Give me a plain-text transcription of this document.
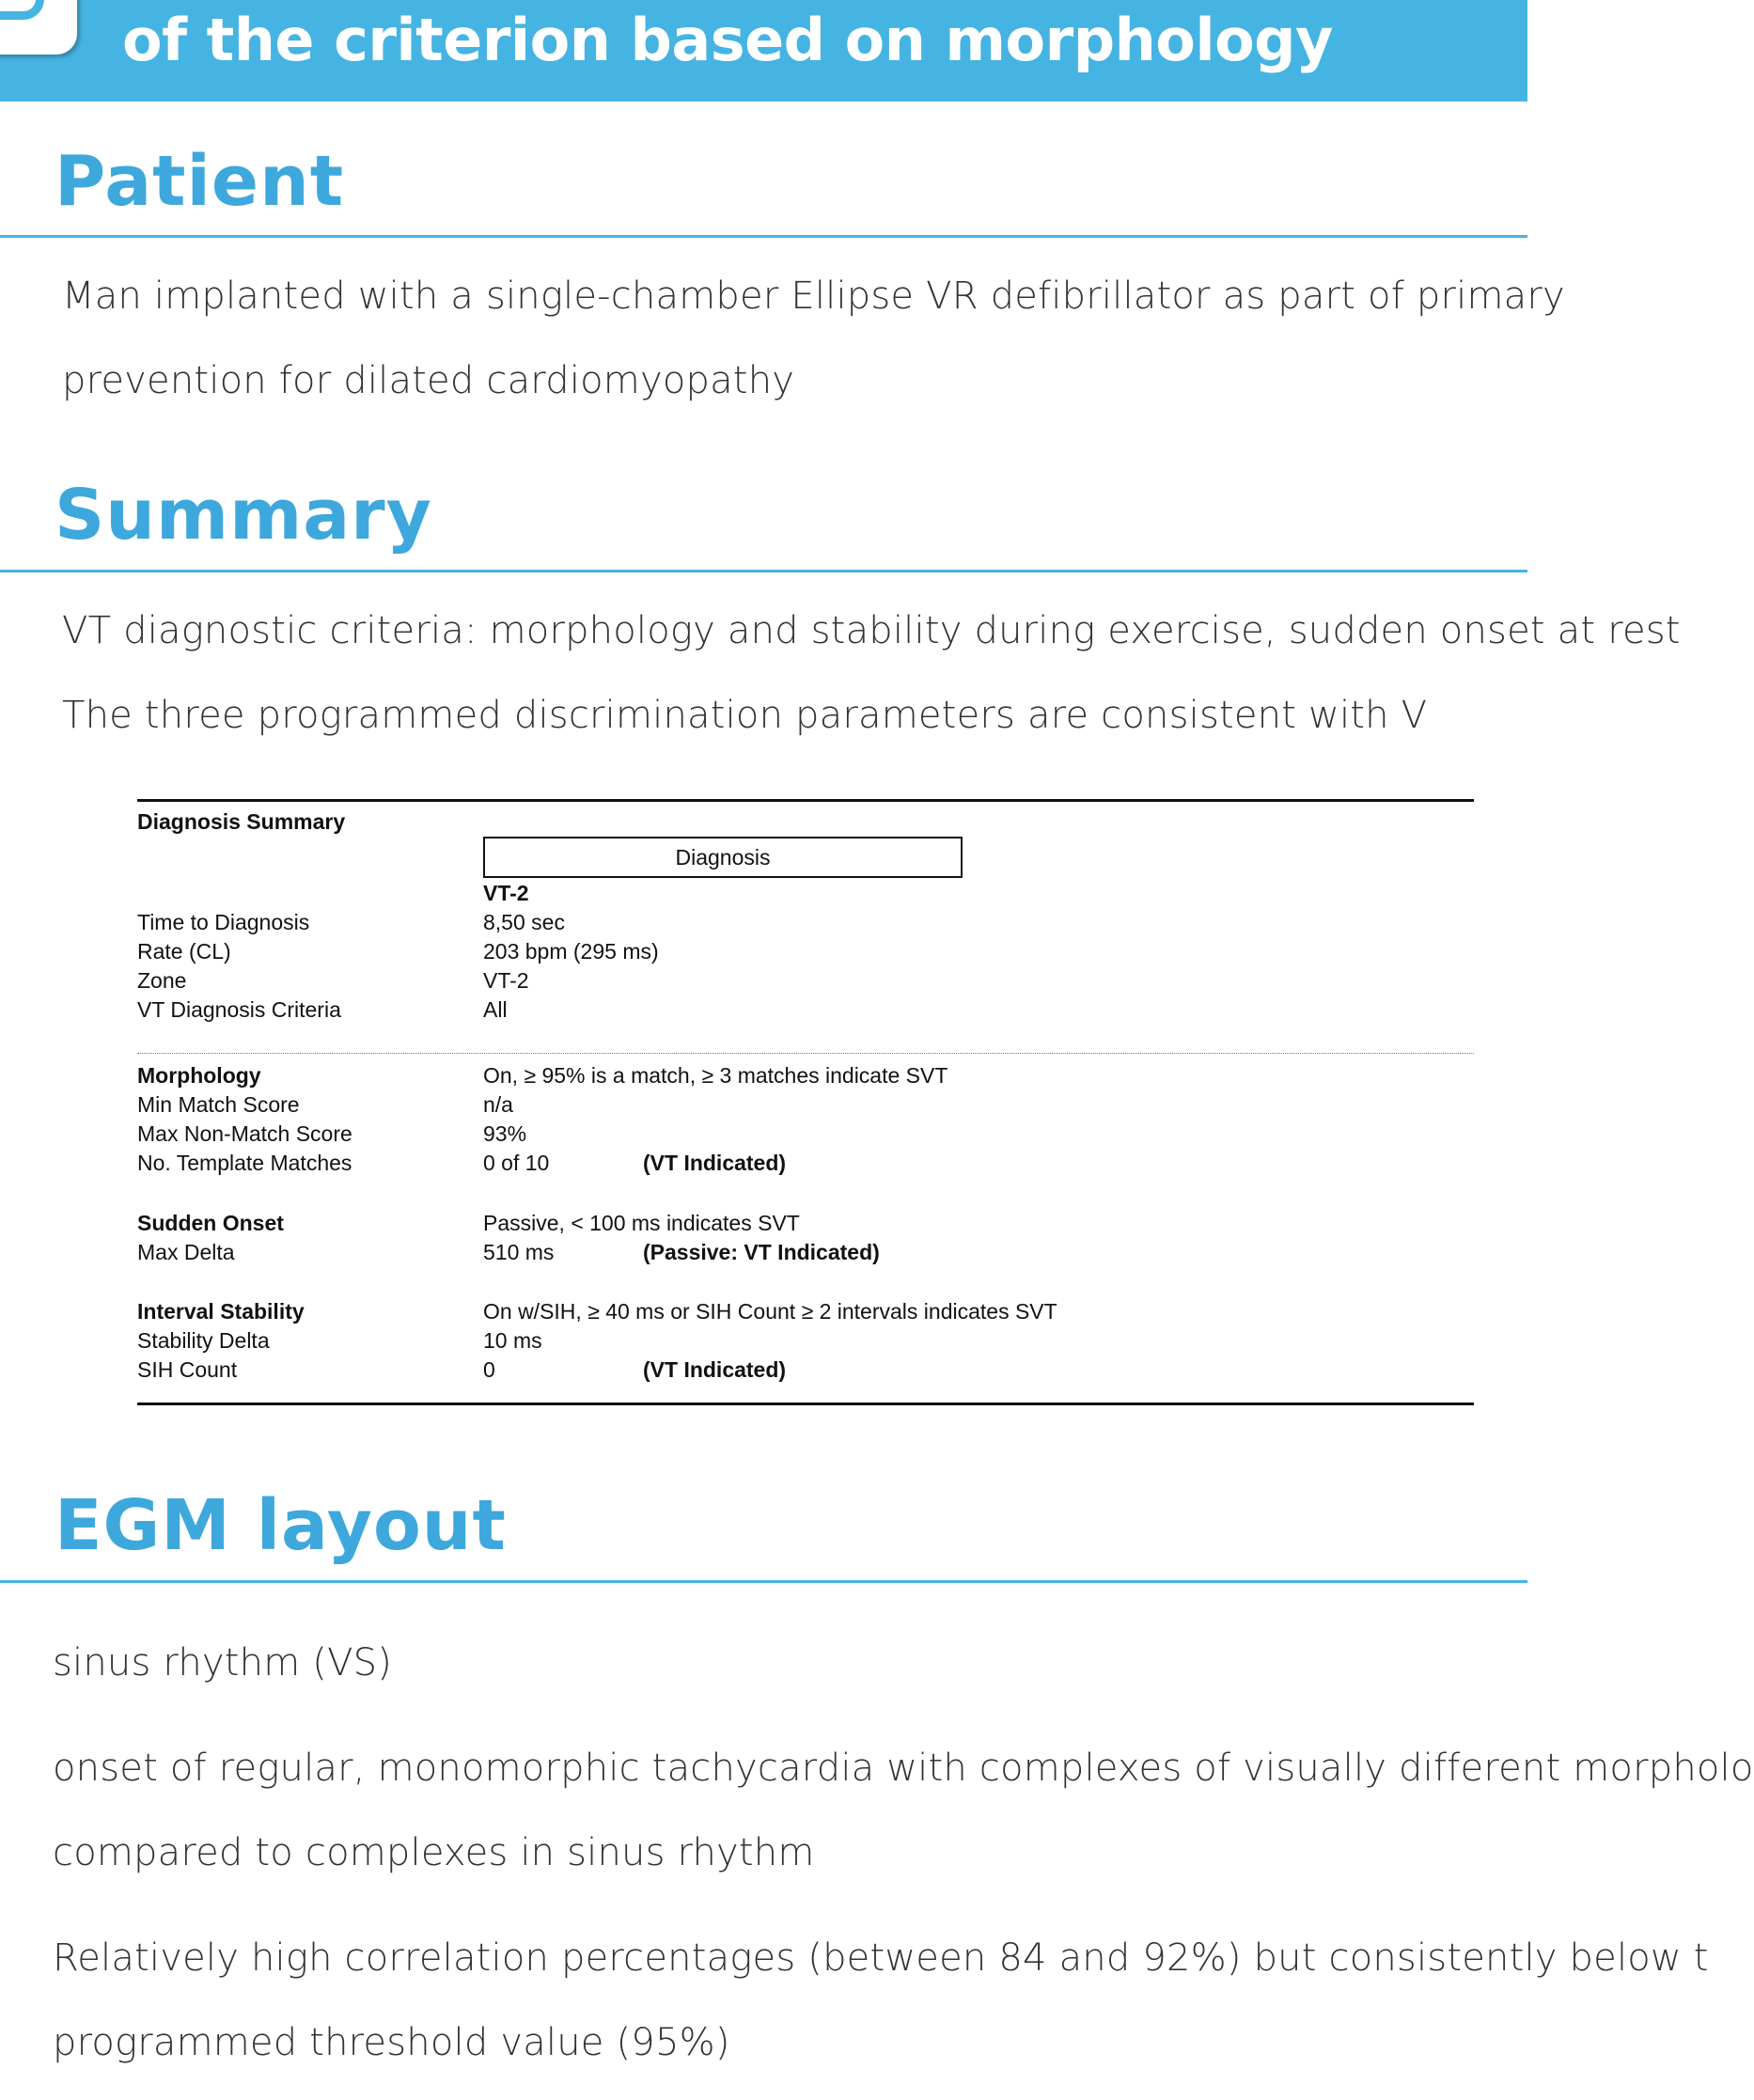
of the criterion based on morphology
Patient
Man implanted with a single-chamber Ellipse VR defibrillator as part of primary
prevention for dilated cardiomyopathy
Summary
VT diagnostic criteria: morphology and stability during exercise, sudden onset at rest
The three programmed discrimination parameters are consistent with V
Diagnosis Summary
Diagnosis
VT-2
Time to Diagnosis	8,50 sec
Rate (CL)	203 bpm (295 ms)
Zone	VT-2
VT Diagnosis Criteria	All
Morphology	On, ≥ 95% is a match, ≥ 3 matches indicate SVT
Min Match Score	n/a
Max Non-Match Score	93%
No. Template Matches	0 of 10	(VT Indicated)
Sudden Onset	Passive, < 100 ms indicates SVT
Max Delta	510 ms	(Passive: VT Indicated)
Interval Stability	On w/SIH, ≥ 40 ms or SIH Count ≥ 2 intervals indicates SVT
Stability Delta	10 ms
SIH Count	0	(VT Indicated)
EGM layout
sinus rhythm (VS)
onset of regular, monomorphic tachycardia with complexes of visually different morpholo
compared to complexes in sinus rhythm
Relatively high correlation percentages (between 84 and 92%) but consistently below t
programmed threshold value (95%)
